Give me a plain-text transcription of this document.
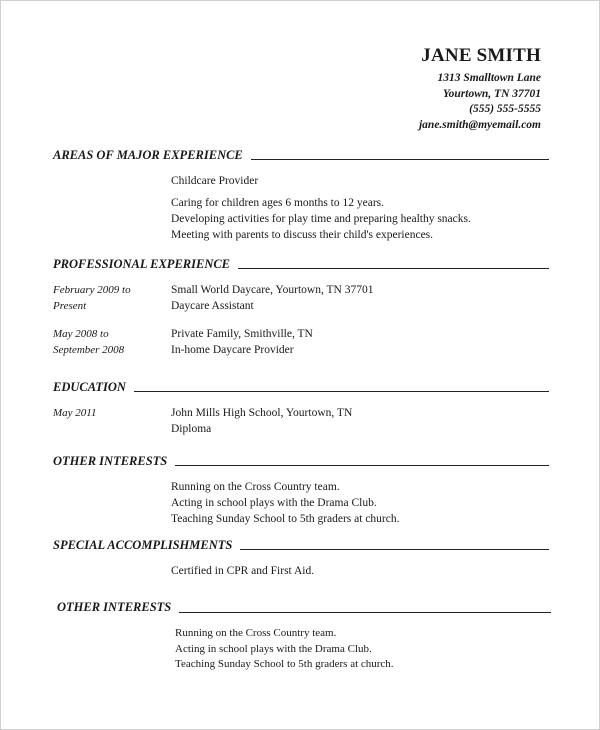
JANE SMITH
1313 Smalltown Lane
Yourtown, TN 37701
(555) 555-5555
jane.smith@myemail.com
AREAS OF MAJOR EXPERIENCE

Childcare Provider

Caring for children ages 6 months to 12 years.

Developing activities for play time and preparing healthy snacks.

Meeting with parents to discuss their child's experiences.

PROFESSIONAL EXPERIENCE
February 2009 to
Present

Small World Daycare, Yourtown, TN 37701

Daycare Assistant

May 2008 to
September 2008

Private Family, Smithville, TN

In-home Daycare Provider

EDUCATION
May 2011	John Mills High School, Yourtown, TN

Diploma

OTHER INTERESTS

Running on the Cross Country team.

Acting in school plays with the Drama Club.

Teaching Sunday School to 5th graders at church.

SPECIAL ACCOMPLISHMENTS

Certified in CPR and First Aid.

OTHER INTERESTS

Running on the Cross Country team.

Acting in school plays with the Drama Club.

Teaching Sunday School to 5th graders at church.
